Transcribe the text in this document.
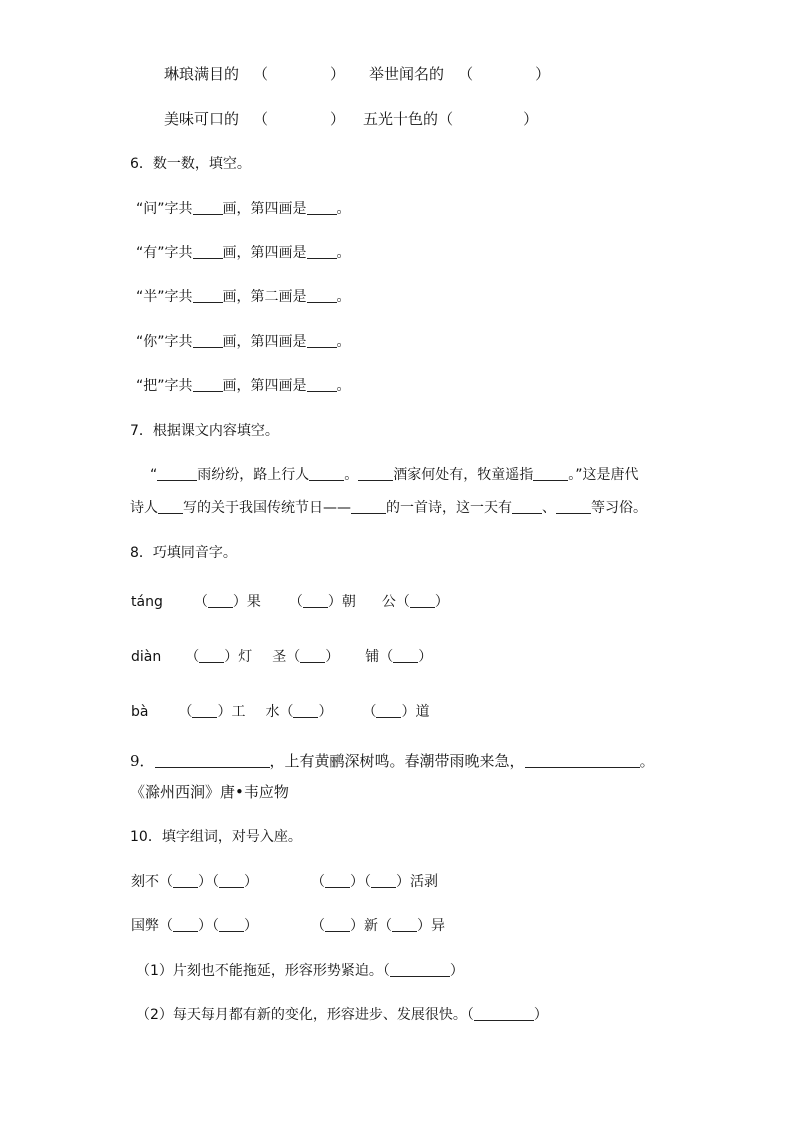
琳琅满目的 （	） 举世闻名的 （	）
美味可口的 （	） 五光十色的（	）
6．数一数，填空。
“问”字共 画，第四画是 。
“有”字共 画，第四画是 。
“半”字共 画，第二画是 。
“你”字共 画，第四画是 。
“把”字共 画，第四画是 。
7．根据课文内容填空。
“	雨纷纷，路上行人	。	酒家何处有，牧童遥指	。”这是唐代
诗人 写的关于我国传统节日——	的一首诗，这一天有 、	等习俗。
8．巧填同音字。
táng （ ）果 （ ）朝 公（ ）
diàn （ ）灯 圣（ ） 铺（ ）
bà （ ）工 水（ ） （ ）道
9．	，上有黄鹂深树鸣。春潮带雨晚来急，	。
《滁州西涧》唐•韦应物
10．填字组词，对号入座。
刻不（ ）（ ）	（ ）（ ）活剥
国弊（ ）（ ）	（ ）新（ ）异
（1）片刻也不能拖延，形容形势紧迫。（	）
（2）每天每月都有新的变化，形容进步、发展很快。（	）
